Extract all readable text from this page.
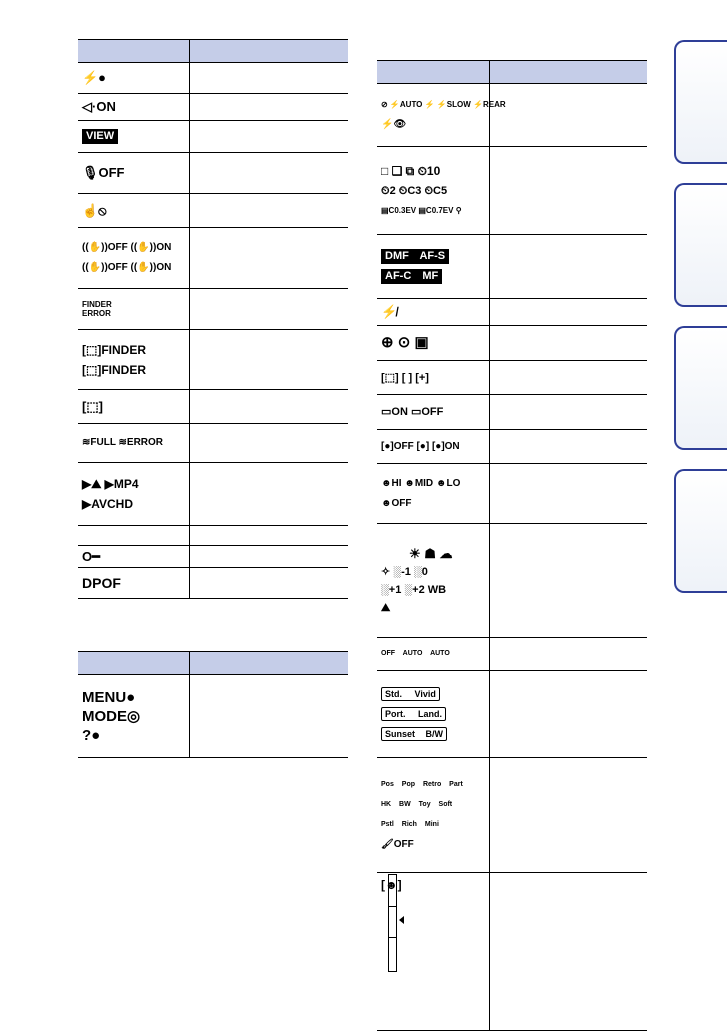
⚡●
◁·ON
VIEW
🎙OFF
☝⦸
((✋))OFF ((✋))ON
((✋))OFF ((✋))ON
FINDER
ERROR
[⬚]FINDER
[⬚]FINDER
[⬚]
≋FULL ≋ERROR
▶⛰ ▶MP4
▶AVCHD
O━
DPOF
MENU●
MODE◎
?●
⊘ ⚡AUTO ⚡ ⚡SLOW ⚡REAR
⚡👁
□ ❑ ⧉ ⏲10
⏲2 ⏲C3 ⏲C5
▤C0.3EV ▤C0.7EV ⚲
DMF AF-S
AF-C MF
⚡̸
⊕ ⊙ ▣
[⬚] [ ] [+]
▭ON ▭OFF
[●]OFF [●] [●]ON
☻HI ☻MID ☻LO
☻OFF
☀ ☗ ☁
✧ ░-1 ░0
░+1 ░+2 WB
⛰
OFF AUTO AUTO
Std. Vivid
Port. Land.
Sunset B/W
Pos Pop Retro Part
HK BW Toy Soft
Pstl Rich Mini
🖌OFF
[☻]
